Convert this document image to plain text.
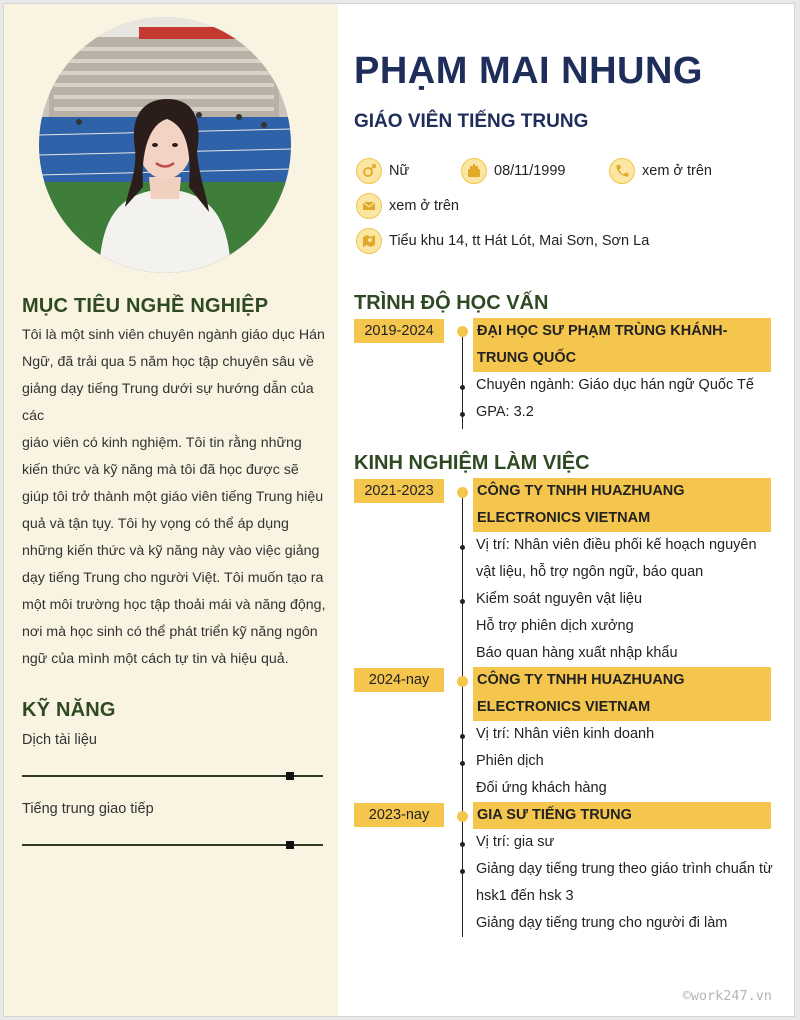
MỤC TIÊU NGHỀ NGHIỆP

Tôi là một sinh viên chuyên ngành giáo dục Hán Ngữ, đã trải qua 5 năm học tập chuyên sâu về giảng dạy tiếng Trung dưới sự hướng dẫn của các

giáo viên có kinh nghiệm. Tôi tin rằng những kiến thức và kỹ năng mà tôi đã học được sẽ giúp tôi trở thành một giáo viên tiếng Trung hiệu quả và tận tụy. Tôi hy vọng có thể áp dụng những kiến thức và kỹ năng này vào việc giảng dạy tiếng Trung cho người Việt. Tôi muốn tạo ra một môi trường học tập thoải mái và năng động, nơi mà học sinh có thể phát triển kỹ năng ngôn ngữ của mình một cách tự tin và hiệu quả.

KỸ NĂNG
Dịch tài liệu
Tiếng trung giao tiếp
PHẠM MAI NHUNG
GIÁO VIÊN TIẾNG TRUNG
Nữ	08/11/1999	xem ở trên
xem ở trên
Tiểu khu 14, tt Hát Lót, Mai Sơn, Sơn La
TRÌNH ĐỘ HỌC VẤN
2019-2024	ĐẠI HỌC SƯ PHẠM TRÙNG KHÁNH- TRUNG QUỐC
Chuyên ngành: Giáo dục hán ngữ Quốc Tế
GPA: 3.2
KINH NGHIỆM LÀM VIỆC
2021-2023	CÔNG TY TNHH HUAZHUANG ELECTRONICS VIETNAM
Vị trí: Nhân viên điều phối kế hoạch nguyên vật liệu, hỗ trợ ngôn ngữ, báo quan
Kiểm soát nguyên vật liệu
Hỗ trợ phiên dịch xưởng
Báo quan hàng xuất nhập khẩu
2024-nay	CÔNG TY TNHH HUAZHUANG ELECTRONICS VIETNAM
Vị trí: Nhân viên kinh doanh
Phiên dịch
Đối ứng khách hàng
2023-nay	GIA SƯ TIẾNG TRUNG
Vị trí: gia sư
Giảng dạy tiếng trung theo giáo trình chuẩn từ hsk1 đến hsk 3
Giảng dạy tiếng trung cho người đi làm
©work247.vn
